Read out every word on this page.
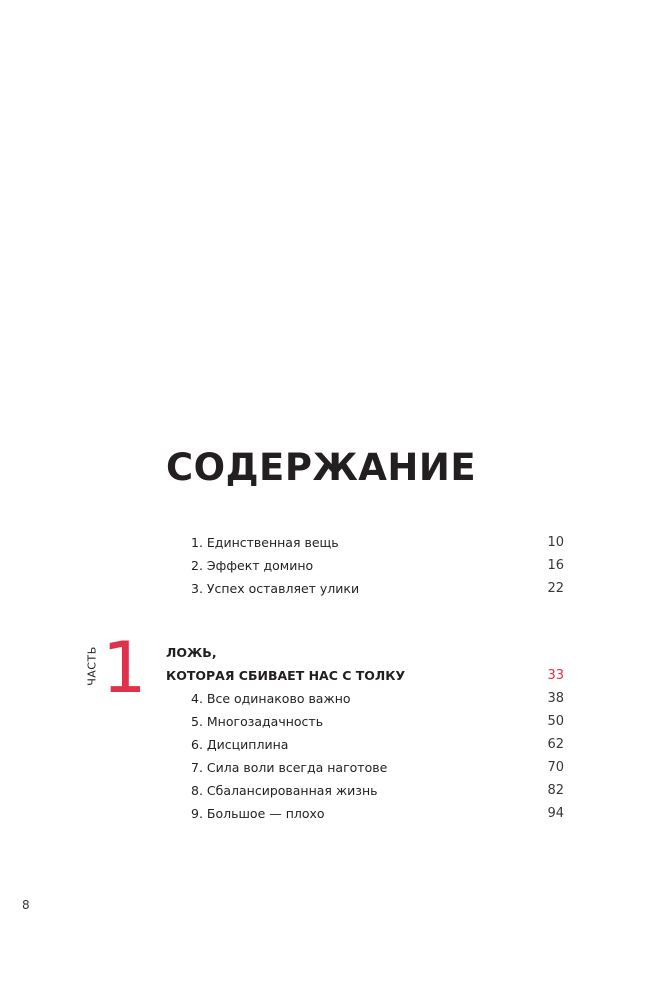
СОДЕРЖАНИЕ
1. Единственная вещь	10
2. Эффект домино	16
3. Успех оставляет улики	22
ЧАСТЬ 1 ЛОЖЬ,
КОТОРАЯ СБИВАЕТ НАС С ТОЛКУ	33
4. Все одинаково важно	38
5. Многозадачность	50
6. Дисциплина	62
7. Сила воли всегда наготове	70
8. Сбалансированная жизнь	82
9. Большое — плохо	94
8
